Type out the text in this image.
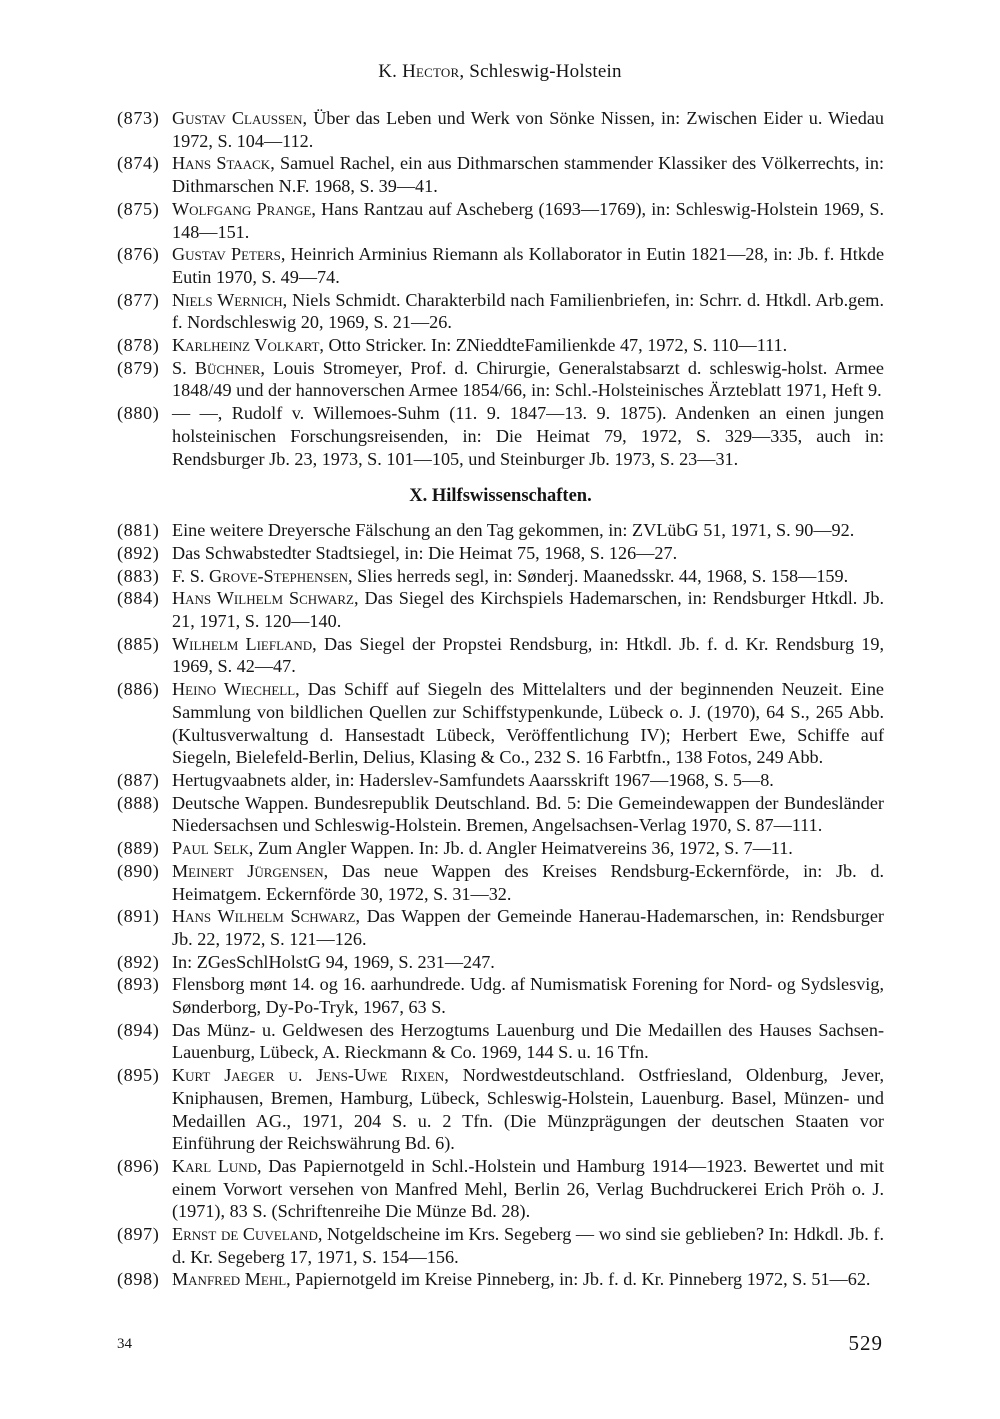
K. Hector, Schleswig-Holstein
(873) Gustav Claussen, Über das Leben und Werk von Sönke Nissen, in: Zwischen Eider u. Wiedau 1972, S. 104—112.
(874) Hans Staack, Samuel Rachel, ein aus Dithmarschen stammender Klassiker des Völkerrechts, in: Dithmarschen N.F. 1968, S. 39—41.
(875) Wolfgang Prange, Hans Rantzau auf Ascheberg (1693—1769), in: Schleswig-Holstein 1969, S. 148—151.
(876) Gustav Peters, Heinrich Arminius Riemann als Kollaborator in Eutin 1821—28, in: Jb. f. Htkde Eutin 1970, S. 49—74.
(877) Niels Wernich, Niels Schmidt. Charakterbild nach Familienbriefen, in: Schrr. d. Htkdl. Arb.gem. f. Nordschleswig 20, 1969, S. 21—26.
(878) Karlheinz Volkart, Otto Stricker. In: ZNieddteFamilienkde 47, 1972, S. 110—111.
(879) S. Büchner, Louis Stromeyer, Prof. d. Chirurgie, Generalstabsarzt d. schleswig-holst. Armee 1848/49 und der hannoverschen Armee 1854/66, in: Schl.-Holsteinisches Ärzteblatt 1971, Heft 9.
(880) — —, Rudolf v. Willemoes-Suhm (11. 9. 1847—13. 9. 1875). Andenken an einen jungen holsteinischen Forschungsreisenden, in: Die Heimat 79, 1972, S. 329—335, auch in: Rendsburger Jb. 23, 1973, S. 101—105, und Steinburger Jb. 1973, S. 23—31.
X. Hilfswissenschaften.
(881) Eine weitere Dreyersche Fälschung an den Tag gekommen, in: ZVLübG 51, 1971, S. 90—92.
(892) Das Schwabstedter Stadtsiegel, in: Die Heimat 75, 1968, S. 126—27.
(883) F. S. Grove-Stephensen, Slies herreds segl, in: Sønderj. Maanedsskr. 44, 1968, S. 158—159.
(884) Hans Wilhelm Schwarz, Das Siegel des Kirchspiels Hademarschen, in: Rendsburger Htkdl. Jb. 21, 1971, S. 120—140.
(885) Wilhelm Liefland, Das Siegel der Propstei Rendsburg, in: Htkdl. Jb. f. d. Kr. Rendsburg 19, 1969, S. 42—47.
(886) Heino Wiechell, Das Schiff auf Siegeln des Mittelalters und der beginnenden Neuzeit. Eine Sammlung von bildlichen Quellen zur Schiffstypenkunde, Lübeck o. J. (1970), 64 S., 265 Abb. (Kultusverwaltung d. Hansestadt Lübeck, Veröffentlichung IV); Herbert Ewe, Schiffe auf Siegeln, Bielefeld-Berlin, Delius, Klasing & Co., 232 S. 16 Farbtfn., 138 Fotos, 249 Abb.
(887) Hertugvaabnets alder, in: Haderslev-Samfundets Aaarsskrift 1967—1968, S. 5—8.
(888) Deutsche Wappen. Bundesrepublik Deutschland. Bd. 5: Die Gemeindewappen der Bundesländer Niedersachsen und Schleswig-Holstein. Bremen, Angelsachsen-Verlag 1970, S. 87—111.
(889) Paul Selk, Zum Angler Wappen. In: Jb. d. Angler Heimatvereins 36, 1972, S. 7—11.
(890) Meinert Jürgensen, Das neue Wappen des Kreises Rendsburg-Eckernförde, in: Jb. d. Heimatgem. Eckernförde 30, 1972, S. 31—32.
(891) Hans Wilhelm Schwarz, Das Wappen der Gemeinde Hanerau-Hademarschen, in: Rendsburger Jb. 22, 1972, S. 121—126.
(892) In: ZGesSchlHolstG 94, 1969, S. 231—247.
(893) Flensborg mønt 14. og 16. aarhundrede. Udg. af Numismatisk Forening for Nord- og Sydslesvig, Sønderborg, Dy-Po-Tryk, 1967, 63 S.
(894) Das Münz- u. Geldwesen des Herzogtums Lauenburg und Die Medaillen des Hauses Sachsen-Lauenburg, Lübeck, A. Rieckmann & Co. 1969, 144 S. u. 16 Tfn.
(895) Kurt Jaeger u. Jens-Uwe Rixen, Nordwestdeutschland. Ostfriesland, Oldenburg, Jever, Kniphausen, Bremen, Hamburg, Lübeck, Schleswig-Holstein, Lauenburg. Basel, Münzen- und Medaillen AG., 1971, 204 S. u. 2 Tfn. (Die Münzprägungen der deutschen Staaten vor Einführung der Reichswährung Bd. 6).
(896) Karl Lund, Das Papiernotgeld in Schl.-Holstein und Hamburg 1914—1923. Bewertet und mit einem Vorwort versehen von Manfred Mehl, Berlin 26, Verlag Buchdruckerei Erich Pröh o. J. (1971), 83 S. (Schriftenreihe Die Münze Bd. 28).
(897) Ernst de Cuveland, Notgeldscheine im Krs. Segeberg — wo sind sie geblieben? In: Hdkdl. Jb. f. d. Kr. Segeberg 17, 1971, S. 154—156.
(898) Manfred Mehl, Papiernotgeld im Kreise Pinneberg, in: Jb. f. d. Kr. Pinneberg 1972, S. 51—62.
34	529
